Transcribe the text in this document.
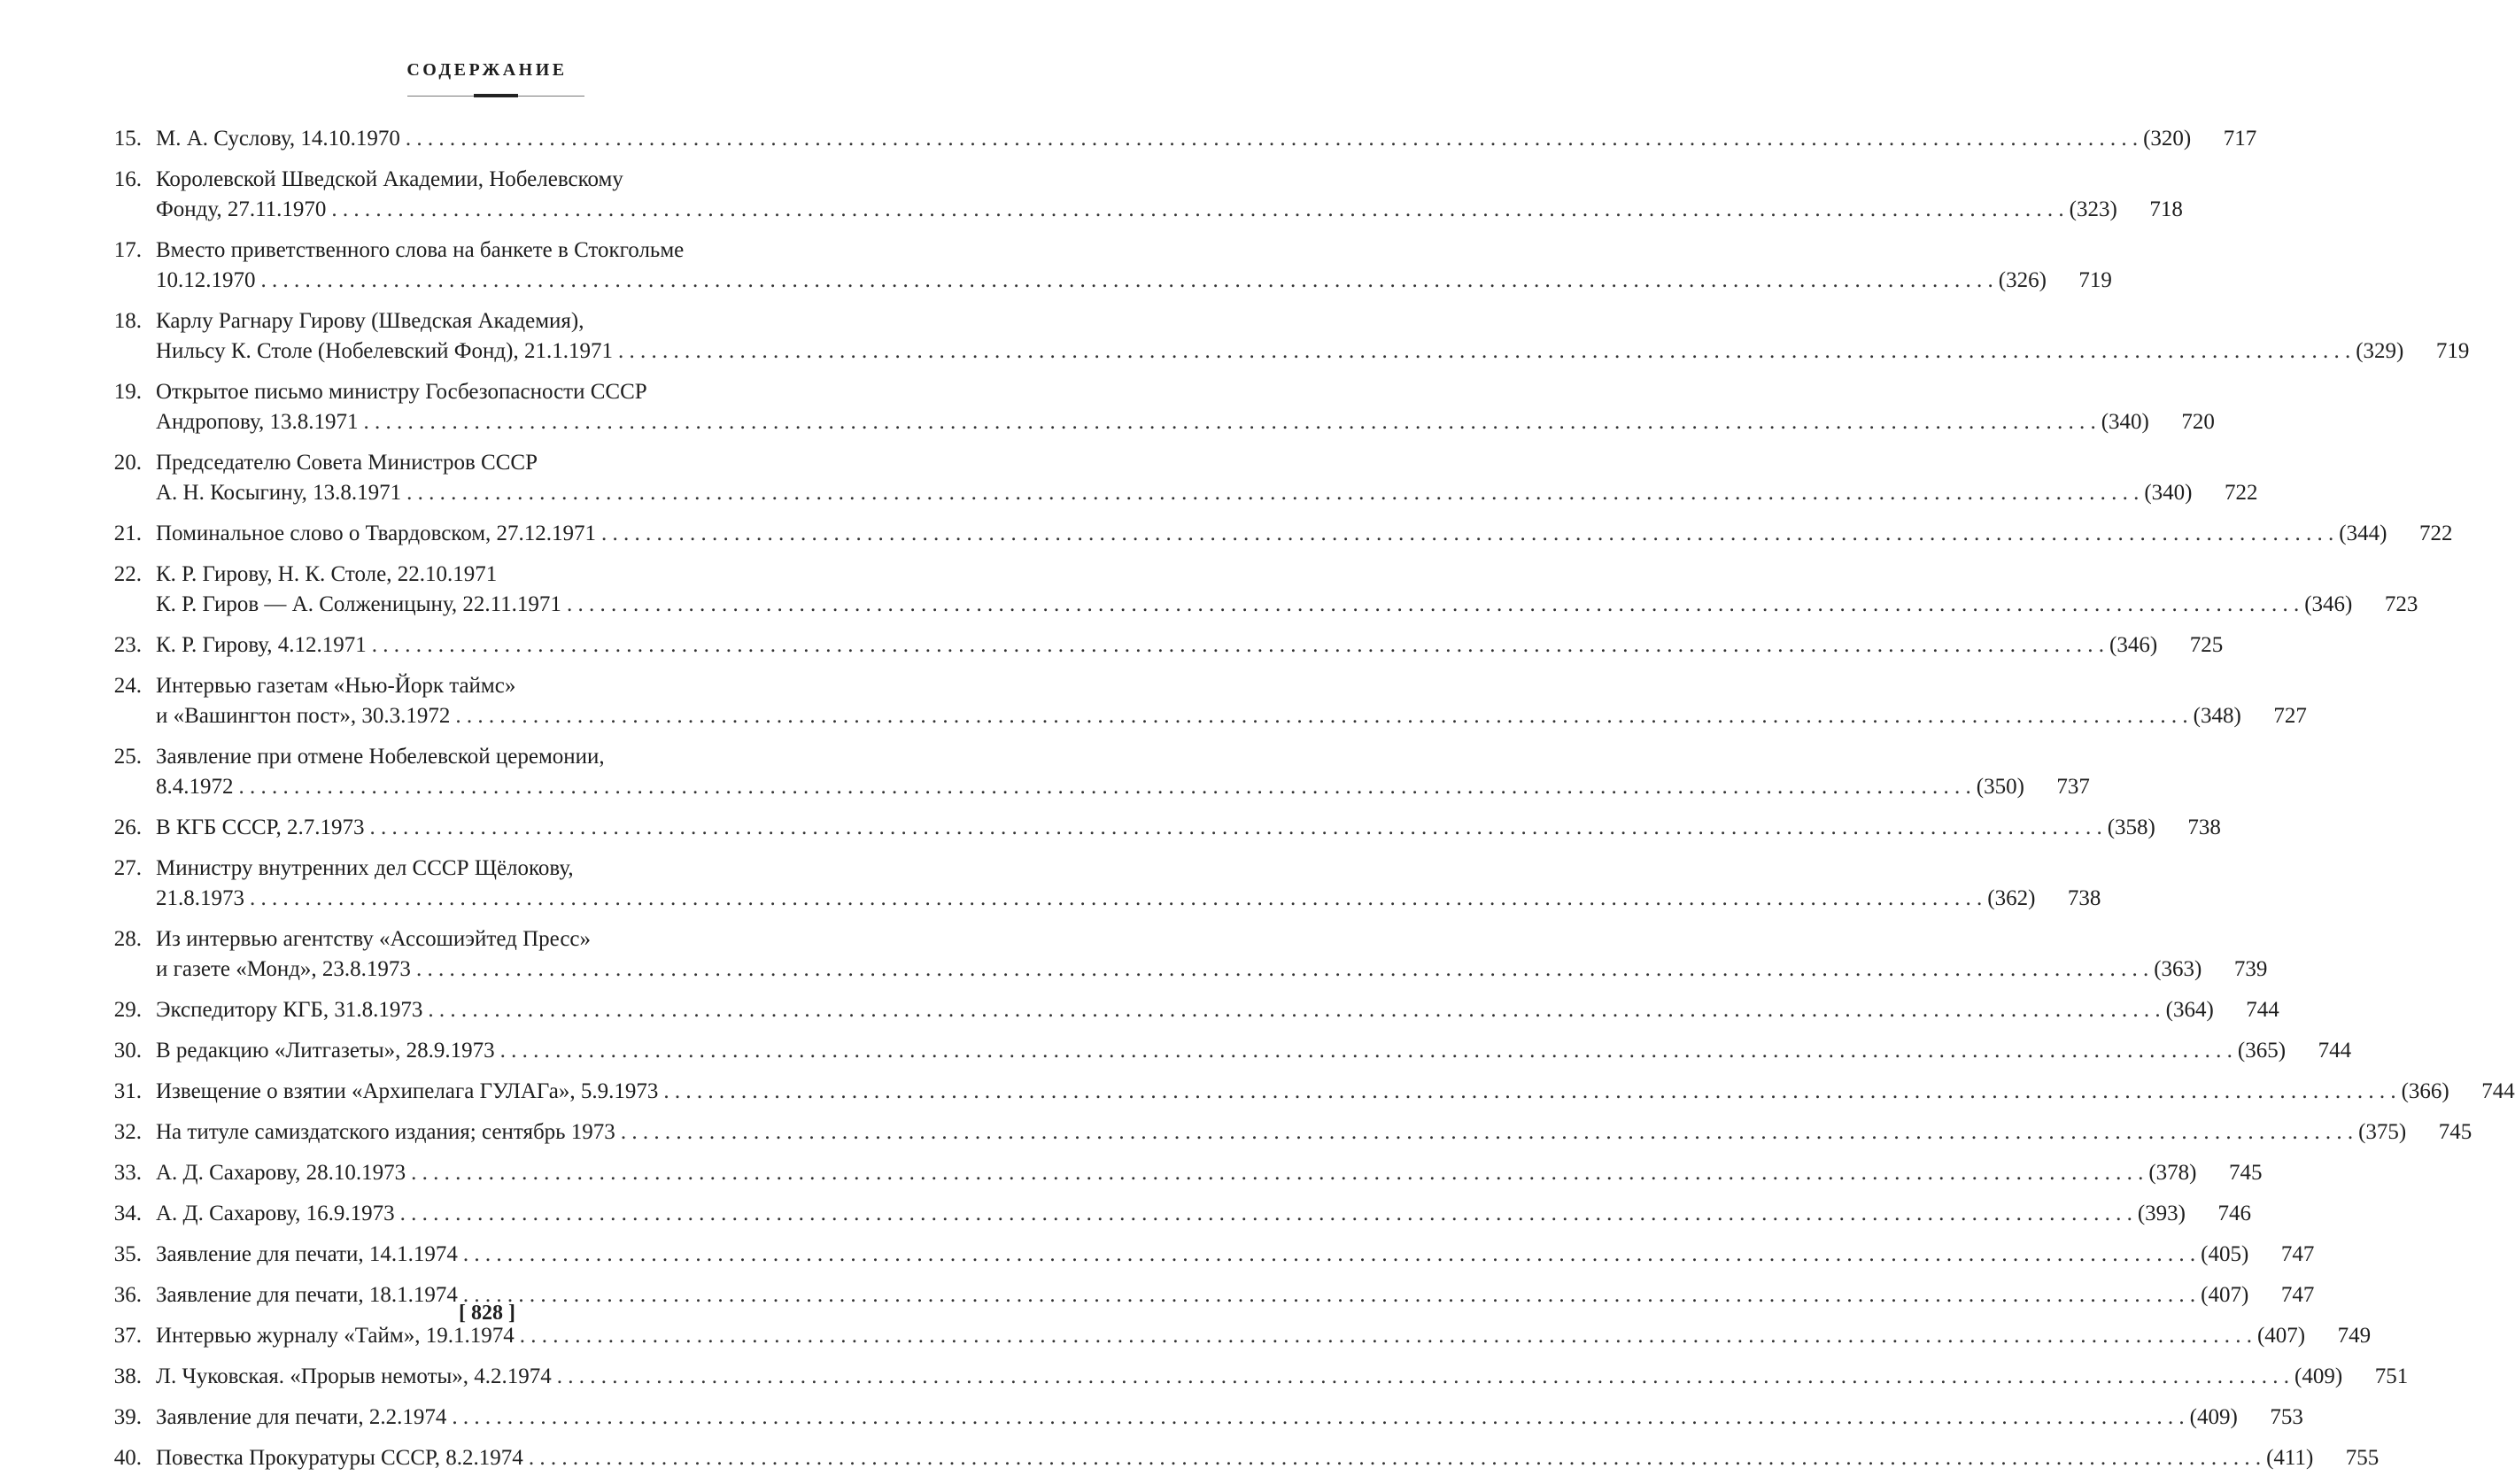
СОДЕРЖАНИЕ
15. М. А. Суслову, 14.10.1970 . . .	(320)	717
16. Королевской Шведской Академии, Нобелевскому
Фонду, 27.11.1970 . . .	(323)	718
17. Вместо приветственного слова на банкете в Стокгольме
10.12.1970 . . .	(326)	719
18. Карлу Рагнару Гирову (Шведская Академия),
Нильсу К. Столе (Нобелевский Фонд), 21.1.1971 . . .	(329)	719
19. Открытое письмо министру Госбезопасности СССР
Андропову, 13.8.1971 . . .	(340)	720
20. Председателю Совета Министров СССР
А. Н. Косыгину, 13.8.1971 . . .	(340)	722
21. Поминальное слово о Твардовском, 27.12.1971 . . .	(344)	722
22. К. Р. Гирову, Н. К. Столе, 22.10.1971
К. Р. Гиров — А. Солженицыну, 22.11.1971 . . .	(346)	723
23. К. Р. Гирову, 4.12.1971 . . .	(346)	725
24. Интервью газетам «Нью-Йорк таймс»
и «Вашингтон пост», 30.3.1972 . . .	(348)	727
25. Заявление при отмене Нобелевской церемонии,
8.4.1972 . . .	(350)	737
26. В КГБ СССР, 2.7.1973 . . .	(358)	738
27. Министру внутренних дел СССР Щёлокову,
21.8.1973 . . .	(362)	738
28. Из интервью агентству «Ассошиэйтед Пресс»
и газете «Монд», 23.8.1973 . . .	(363)	739
29. Экспедитору КГБ, 31.8.1973 . . .	(364)	744
30. В редакцию «Литгазеты», 28.9.1973 . . .	(365)	744
31. Извещение о взятии «Архипелага ГУЛАГа», 5.9.1973 . . .	(366)	744
32. На титуле самиздатского издания; сентябрь 1973 . . .	(375)	745
33. А. Д. Сахарову, 28.10.1973 . . .	(378)	745
34. А. Д. Сахарову, 16.9.1973 . . .	(393)	746
35. Заявление для печати, 14.1.1974 . . .	(405)	747
36. Заявление для печати, 18.1.1974 . . .	(407)	747
37. Интервью журналу «Тайм», 19.1.1974 . . .	(407)	749
38. Л. Чуковская. «Прорыв немоты», 4.2.1974 . . .	(409)	751
39. Заявление для печати, 2.2.1974 . . .	(409)	753
40. Повестка Прокуратуры СССР, 8.2.1974 . . .	(411)	755
[ 828 ]
